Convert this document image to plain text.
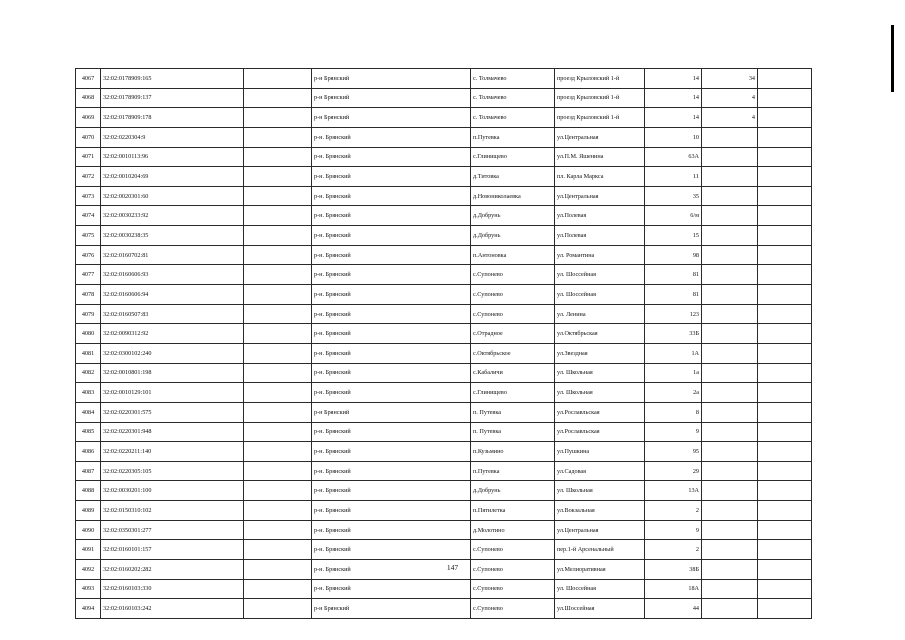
4067	32:02:0178909:165		р-н Брянский	с. Толмачево	проезд Крыловский 1-й	14	34	
4068	32:02:0178909:137		р-н Брянский	с. Толмачево	проезд Крыловский 1-й	14	4	
4069	32:02:0178909:178		р-н Брянский	с. Толмачево	проезд Крыловский 1-й	14	4	
4070	32:02:0220304:9		р-н. Брянский	п.Путевка	ул.Центральная	10		
4071	32:02:0010113:96		р-н. Брянский	с.Глинищево	ул.П.М. Яшенина	63А		
4072	32:02:0010204:69		р-н. Брянский	д.Титовка	пл. Карла Маркса	11		
4073	32:02:0020301:60		р-н. Брянский	д.Новониколаевка	ул.Центральная	35		
4074	32:02:0030233:92		р-н. Брянский	д.Добрунь	ул.Полевая	6/м		
4075	32:02:0030238:35		р-н. Брянский	д.Добрунь	ул.Полевая	15		
4076	32:02:0160702:81		р-н. Брянский	п.Антоновка	ул. Романтина	98		
4077	32:02:0160606:93		р-н. Брянский	с.Супонево	ул. Шоссейная	81		
4078	32:02:0160606:94		р-н. Брянский	с.Супонево	ул. Шоссейная	81		
4079	32:02:0160507:83		р-н. Брянский	с.Супонево	ул. Ленина	123		
4080	32:02:0090312:92		р-н. Брянский	с.Отрадное	ул.Октябрьская	33Б		
4081	32:02:0300102:240		р-н. Брянский	с.Октябрьское	ул.Звездная	1А		
4082	32:02:0010801:198		р-н. Брянский	с.Кабаличи	ул. Школьная	1а		
4083	32:02:0010129:101		р-н. Брянский	с.Глинищево	ул. Школьная	2а		
4084	32:02:0220301:575		р-н Брянский	п. Путевка	ул.Рославльская	8		
4085	32:02:0220301:948		р-н. Брянский	п. Путевка	ул.Рославльская	9		
4086	32:02:0220211:140		р-н. Брянский	п.Кузьмино	ул.Пушкина	95		
4087	32:02:0220305:105		р-н. Брянский	п.Путевка	ул.Садовая	29		
4088	32:02:0030201:100		р-н. Брянский	д.Добрунь	ул. Школьная	13А		
4089	32:02:0150310:102		р-н. Брянский	п.Пятилетка	ул.Вокзальная	2		
4090	32:02:0350301:277		р-н. Брянский	д.Молотино	ул.Центральная	9		
4091	32:02:0160101:157		р-н. Брянский	с.Супонево	пер.1-й Арсенальный	2		
4092	32:02:0160202:282		р-н. Брянский	с.Супонево	ул.Мелиоративная	38Б		
4093	32:02:0160103:330		р-н. Брянский	с.Супонево	ул. Шоссейная	18А		
4094	32:02:0160103:242		р-н Брянский	с.Супонево	ул.Шоссейная	44		
147
